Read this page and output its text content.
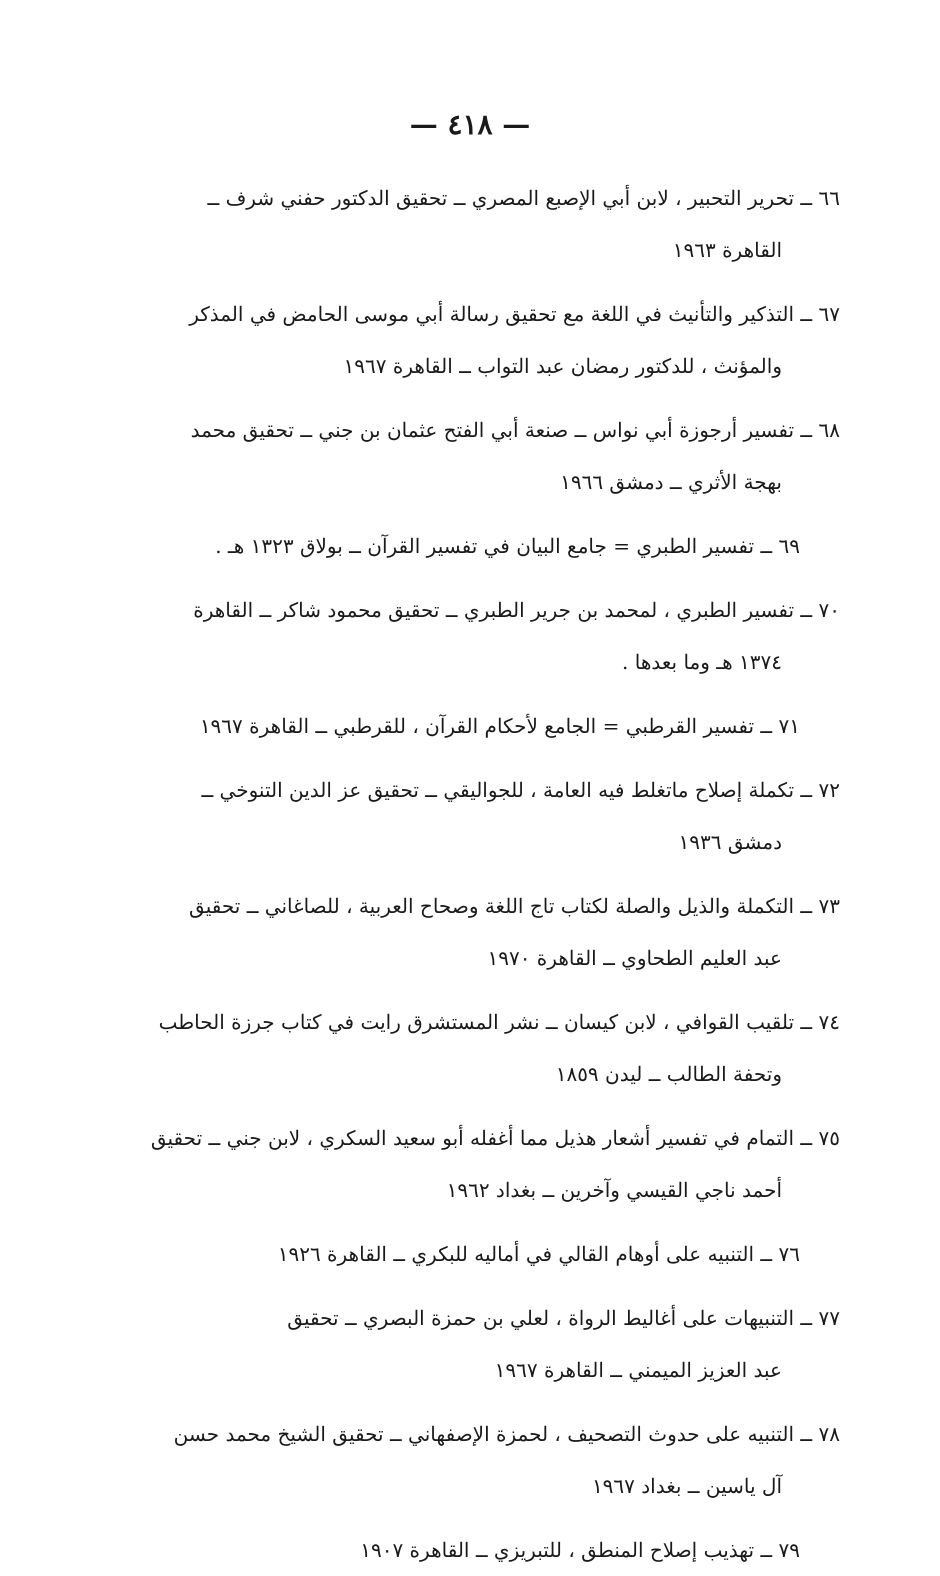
— ٤١٨ —
٦٦ ــ تحرير التحبير ، لابن أبي الإصبع المصري ــ تحقيق الدكتور حفني شرف ــ
القاهرة ١٩٦٣
٦٧ ــ التذكير والتأنيث في اللغة مع تحقيق رسالة أبي موسى الحامض في المذكر
والمؤنث ، للدكتور رمضان عبد التواب ــ القاهرة ١٩٦٧
٦٨ ــ تفسير أرجوزة أبي نواس ــ صنعة أبي الفتح عثمان بن جني ــ تحقيق محمد
بهجة الأثري ــ دمشق ١٩٦٦
٦٩ ــ تفسير الطبري = جامع البيان في تفسير القرآن ــ بولاق ١٣٢٣ هـ .
٧٠ ــ تفسير الطبري ، لمحمد بن جرير الطبري ــ تحقيق محمود شاكر ــ القاهرة
١٣٧٤ هـ وما بعدها .
٧١ ــ تفسير القرطبي = الجامع لأحكام القرآن ، للقرطبي ــ القاهرة ١٩٦٧
٧٢ ــ تكملة إصلاح ماتغلط فيه العامة ، للجواليقي ــ تحقيق عز الدين التنوخي ــ
دمشق ١٩٣٦
٧٣ ــ التكملة والذيل والصلة لكتاب تاج اللغة وصحاح العربية ، للصاغاني ــ تحقيق
عبد العليم الطحاوي ــ القاهرة ١٩٧٠
٧٤ ــ تلقيب القوافي ، لابن كيسان ــ نشر المستشرق رايت في كتاب جرزة الحاطب
وتحفة الطالب ــ ليدن ١٨٥٩
٧٥ ــ التمام في تفسير أشعار هذيل مما أغفله أبو سعيد السكري ، لابن جني ــ تحقيق
أحمد ناجي القيسي وآخرين ــ بغداد ١٩٦٢
٧٦ ــ التنبيه على أوهام القالي في أماليه للبكري ــ القاهرة ١٩٢٦
٧٧ ــ التنبيهات على أغاليط الرواة ، لعلي بن حمزة البصري ــ تحقيق
عبد العزيز الميمني ــ القاهرة ١٩٦٧
٧٨ ــ التنبيه على حدوث التصحيف ، لحمزة الإصفهاني ــ تحقيق الشيخ محمد حسن
آل ياسين ــ بغداد ١٩٦٧
٧٩ ــ تهذيب إصلاح المنطق ، للتبريزي ــ القاهرة ١٩٠٧
